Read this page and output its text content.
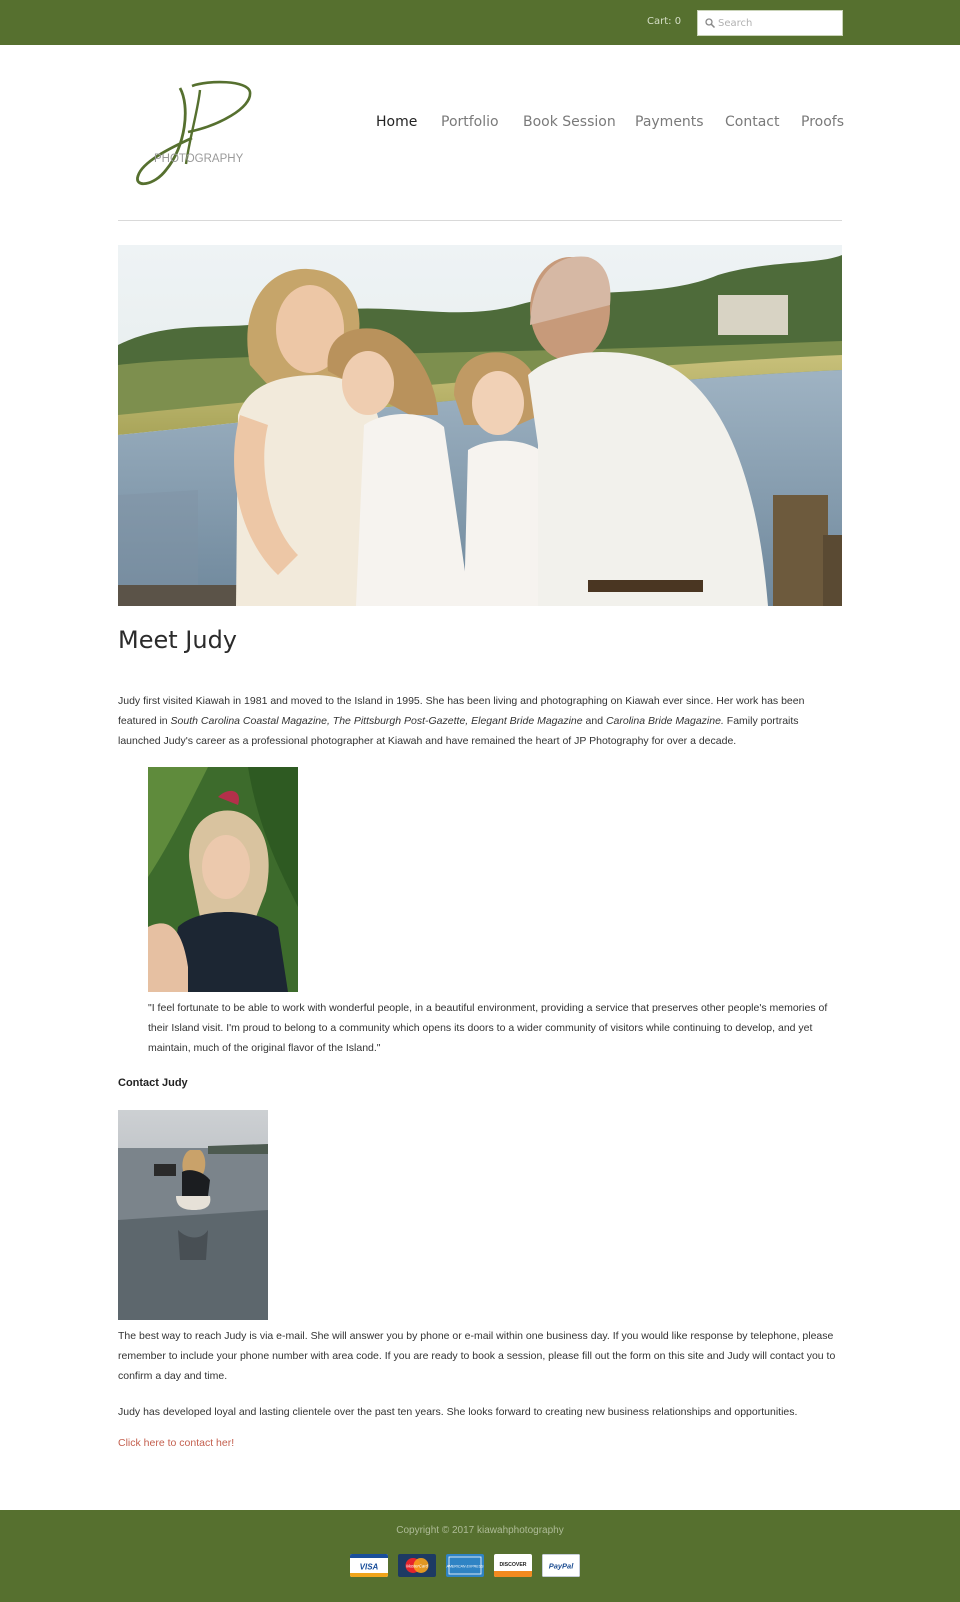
Cart: 0
Search
PHOTOGRAPHY
Home Portfolio Book Session Payments Contact Proofs
Meet Judy

Judy first visited Kiawah in 1981 and moved to the Island in 1995. She has been living and photographing on Kiawah ever since. Her work has been featured in South Carolina Coastal Magazine, The Pittsburgh Post-Gazette, Elegant Bride Magazine and Carolina Bride Magazine. Family portraits launched Judy's career as a professional photographer at Kiawah and have remained the heart of JP Photography for over a decade.

"I feel fortunate to be able to work with wonderful people, in a beautiful environment, providing a service that preserves other people's memories of their Island visit. I'm proud to belong to a community which opens its doors to a wider community of visitors while continuing to develop, and yet maintain, much of the original flavor of the Island."

Contact Judy

The best way to reach Judy is via e-mail. She will answer you by phone or e-mail within one business day. If you would like response by telephone, please remember to include your phone number with area code. If you are ready to book a session, please fill out the form on this site and Judy will contact you to confirm a day and time.

Judy has developed loyal and lasting clientele over the past ten years. She looks forward to creating new business relationships and opportunities.

Click here to contact her!
Copyright © 2017 kiawahphotography
VISA	MasterCard	AMERICAN EXPRESS	DISCOVER	PayPal
